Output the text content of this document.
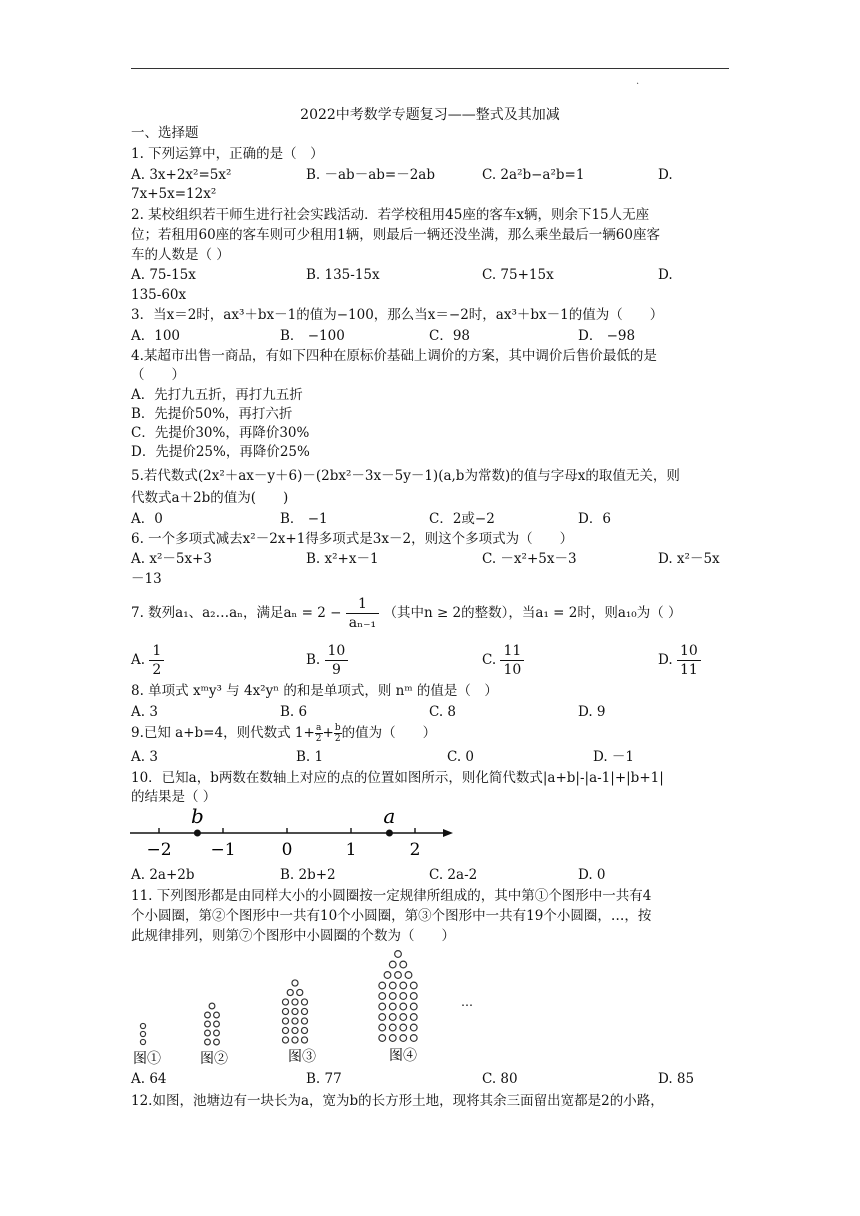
.
2022中考数学专题复习——整式及其加减
一、选择题
1. 下列运算中，正确的是（　）
A. 3x+2x²=5x²	B. －ab－ab=－2ab	C. 2a²b−a²b=1	D.
7x+5x=12x²
2. 某校组织若干师生进行社会实践活动．若学校租用45座的客车x辆，则余下15人无座
位；若租用60座的客车则可少租用1辆，则最后一辆还没坐满，那么乘坐最后一辆60座客
车的人数是（ ）
A. 75-15x	B. 135-15x	C. 75+15x	D.
135-60x
3．当x＝2时，ax³＋bx－1的值为−100，那么当x＝−2时，ax³＋bx－1的值为（　　）
A．100	B． −100	C．98	D． −98
4.某超市出售一商品，有如下四种在原标价基础上调价的方案，其中调价后售价最低的是
（　　）
A．先打九五折，再打九五折
B．先提价50%，再打六折
C．先提价30%，再降价30%
D．先提价25%，再降价25%
5.若代数式(2x²＋ax－y＋6)－(2bx²－3x－5y－1)(a,b为常数)的值与字母x的取值无关，则
代数式a＋2b的值为(　　)
A．0	B． −1	C．2或−2	D．6
6. 一个多项式减去x²－2x+1得多项式是3x－2，则这个多项式为（　　）
A. x²－5x+3	B. x²+x－1	C. －x²+5x－3	D. x²－5x
－13
7. 数列a₁、a₂…aₙ，满足$a_n = 2 - \frac{1}{\text{aₙ₋₁}}$ （其中n ≥ 2的整数），当a₁ = 2时，则a₁₀为（ ）
A. $\frac{1}{2}$	B. $\frac{10}{9}$	C. $\frac{11}{10}$	D. $\frac{10}{11}$
8. 单项式 xᵐy³ 与 4x²yⁿ 的和是单项式，则 nᵐ 的值是（　）
A. 3	B. 6	C. 8	D. 9
9.已知 a+b=4，则代数式 $1+ \frac{a}{2} + \frac{b}{2}$ 的值为（　　）
A. 3	B. 1	C. 0	D. －1
10．已知a，b两数在数轴上对应的点的位置如图所示，则化简代数式|a+b|-|a-1|+|b+1|
的结果是（ ）
−2 −1	0	1	2
b	a
A. 2a+2b	B. 2b+2	C. 2a-2	D. 0
11. 下列图形都是由同样大小的小圆圈按一定规律所组成的，其中第①个图形中一共有4
个小圆圈，第②个图形中一共有10个小圆圈，第③个图形中一共有19个小圆圈，…，按
此规律排列，则第⑦个图形中小圆圈的个数为（　　）
图①	图②	图③	图④
…
A. 64	B. 77	C. 80	D. 85
12.如图，池塘边有一块长为a，宽为b的长方形土地，现将其余三面留出宽都是2的小路，
